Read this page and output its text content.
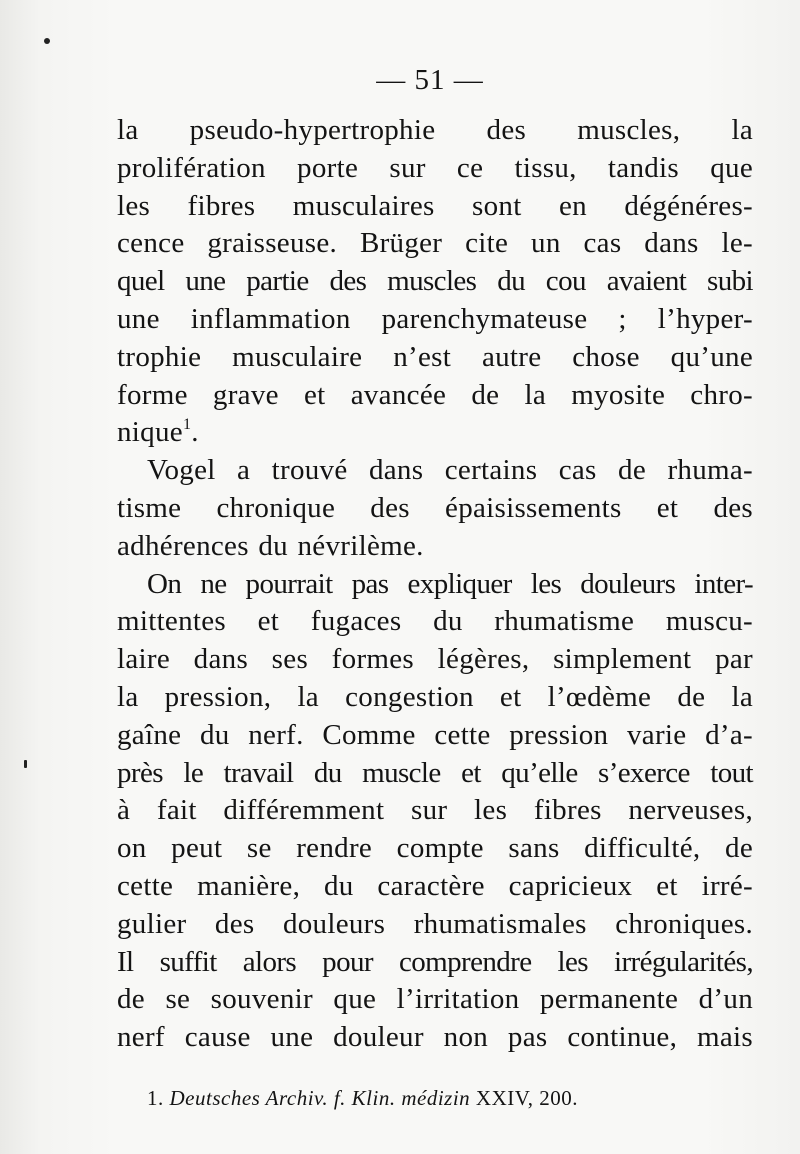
— 51 —
la pseudo-hypertrophie des muscles, la
prolifération porte sur ce tissu, tandis que
les fibres musculaires sont en dégénéres-
cence graisseuse. Brüger cite un cas dans le-
quel une partie des muscles du cou avaient subi
une inflammation parenchymateuse ; l’hyper-
trophie musculaire n’est autre chose qu’une
forme grave et avancée de la myosite chro-
nique$^1$.
Vogel a trouvé dans certains cas de rhuma-
tisme chronique des épaisissements et des
adhérences du névrilème.
On ne pourrait pas expliquer les douleurs inter-
mittentes et fugaces du rhumatisme muscu-
laire dans ses formes légères, simplement par
la pression, la congestion et l’œdème de la
gaîne du nerf. Comme cette pression varie d’a-
près le travail du muscle et qu’elle s’exerce tout
à fait différemment sur les fibres nerveuses,
on peut se rendre compte sans difficulté, de
cette manière, du caractère capricieux et irré-
gulier des douleurs rhumatismales chroniques.
Il suffit alors pour comprendre les irrégularités,
de se souvenir que l’irritation permanente d’un
nerf cause une douleur non pas continue, mais
1. Deutsches Archiv. f. Klin. médizin XXIV, 200.
